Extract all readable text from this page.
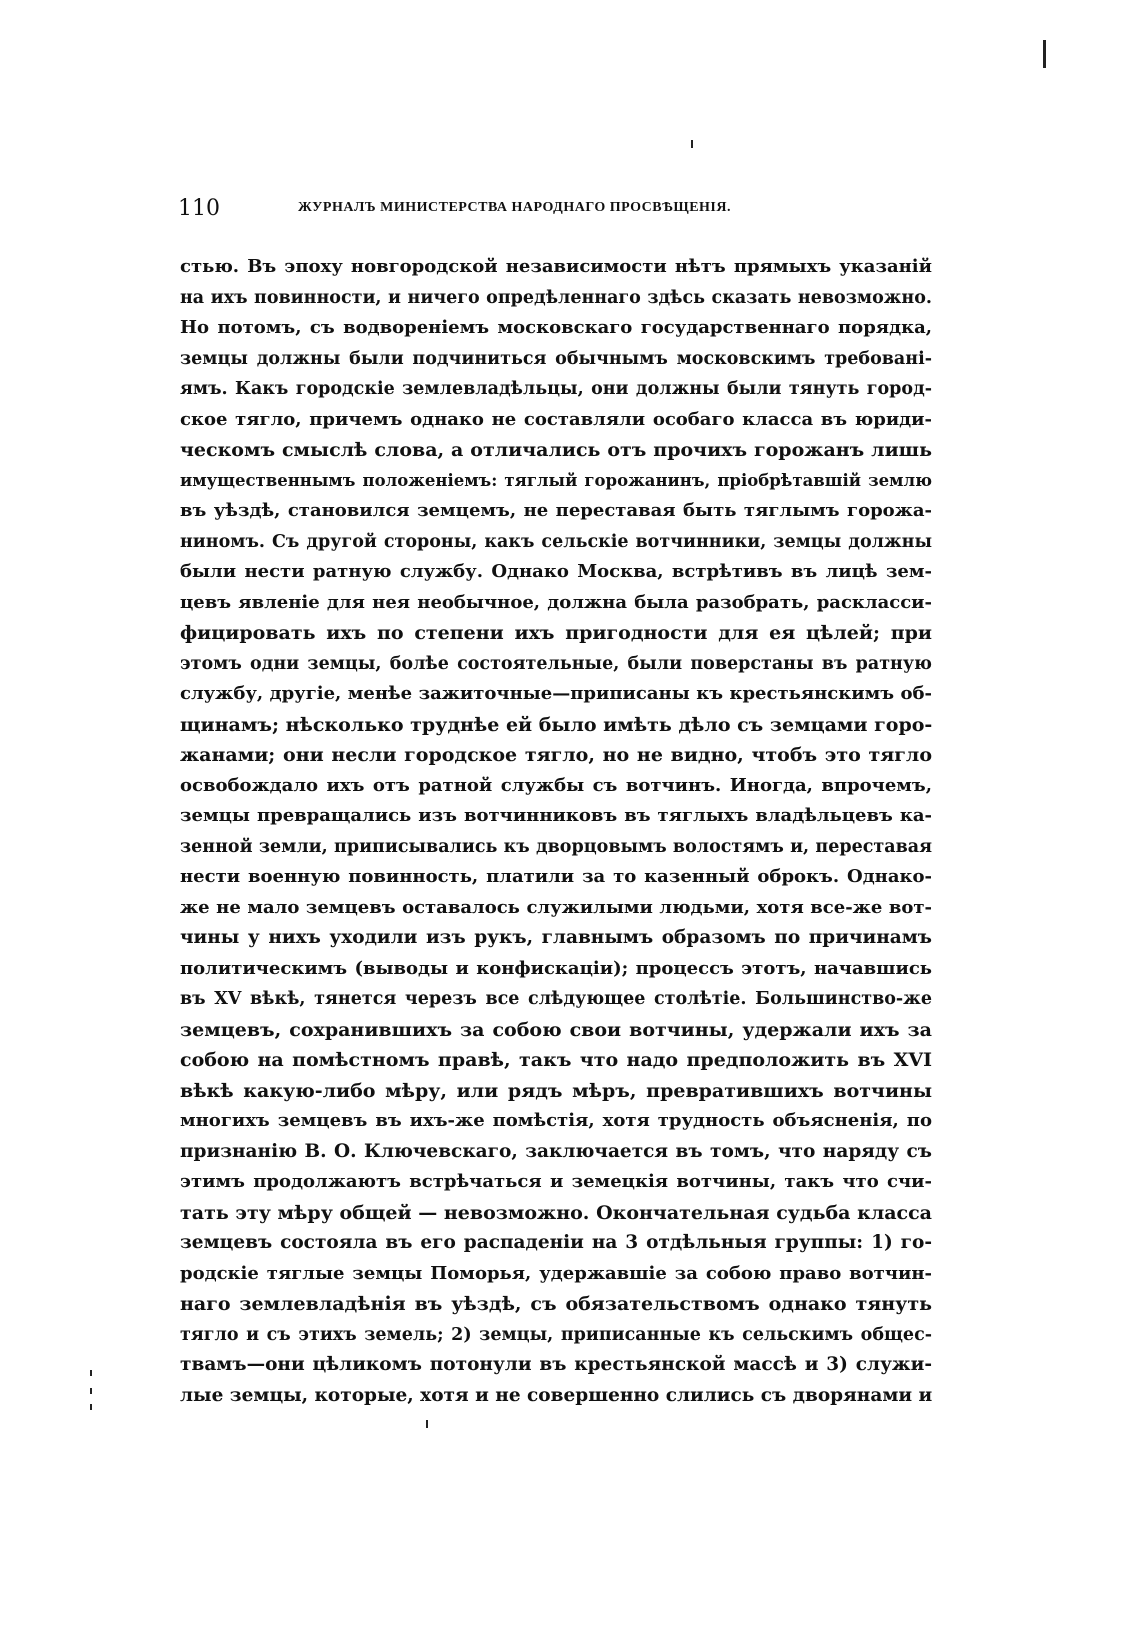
110	ЖУРНАЛЪ МИНИСТЕРСТВА НАРОДНАГО ПРОСВѢЩЕНІЯ.
стью. Въ эпоху новгородской независимости нѣтъ прямыхъ указаній
на ихъ повинности, и ничего опредѣленнаго здѣсь сказать невозможно.
Но потомъ, съ водвореніемъ московскаго государственнаго порядка,
земцы должны были подчиниться обычнымъ московскимъ требовані-
ямъ. Какъ городскіе землевладѣльцы, они должны были тянуть город-
ское тягло, причемъ однако не составляли особаго класса въ юриди-
ческомъ смыслѣ слова, а отличались отъ прочихъ горожанъ лишь
имущественнымъ положеніемъ: тяглый горожанинъ, пріобрѣтавшій землю
въ уѣздѣ, становился земцемъ, не переставая быть тяглымъ горожа-
ниномъ. Съ другой стороны, какъ сельскіе вотчинники, земцы должны
были нести ратную службу. Однако Москва, встрѣтивъ въ лицѣ зем-
цевъ явленіе для нея необычное, должна была разобрать, раскласси-
фицировать ихъ по степени ихъ пригодности для ея цѣлей; при
этомъ одни земцы, болѣе состоятельные, были поверстаны въ ратную
службу, другіе, менѣе зажиточные—приписаны къ крестьянскимъ об-
щинамъ; нѣсколько труднѣе ей было имѣть дѣло съ земцами горо-
жанами; они несли городское тягло, но не видно, чтобъ это тягло
освобождало ихъ отъ ратной службы съ вотчинъ. Иногда, впрочемъ,
земцы превращались изъ вотчинниковъ въ тяглыхъ владѣльцевъ ка-
зенной земли, приписывались къ дворцовымъ волостямъ и, переставая
нести военную повинность, платили за то казенный оброкъ. Однако-
же не мало земцевъ оставалось служилыми людьми, хотя все-же вот-
чины у нихъ уходили изъ рукъ, главнымъ образомъ по причинамъ
политическимъ (выводы и конфискаціи); процессъ этотъ, начавшись
въ XV вѣкѣ, тянется черезъ все слѣдующее столѣтіе. Большинство-же
земцевъ, сохранившихъ за собою свои вотчины, удержали ихъ за
собою на помѣстномъ правѣ, такъ что надо предположить въ XVI
вѣкѣ какую-либо мѣру, или рядъ мѣръ, превратившихъ вотчины
многихъ земцевъ въ ихъ-же помѣстія, хотя трудность объясненія, по
признанію В. О. Ключевскаго, заключается въ томъ, что наряду съ
этимъ продолжаютъ встрѣчаться и земецкія вотчины, такъ что счи-
тать эту мѣру общей — невозможно. Окончательная судьба класса
земцевъ состояла въ его распаденіи на 3 отдѣльныя группы: 1) го-
родскіе тяглые земцы Поморья, удержавшіе за собою право вотчин-
наго землевладѣнія въ уѣздѣ, съ обязательствомъ однако тянуть
тягло и съ этихъ земель; 2) земцы, приписанные къ сельскимъ общес-
твамъ—они цѣликомъ потонули въ крестьянской массѣ и 3) служи-
лые земцы, которые, хотя и не совершенно слились съ дворянами и
